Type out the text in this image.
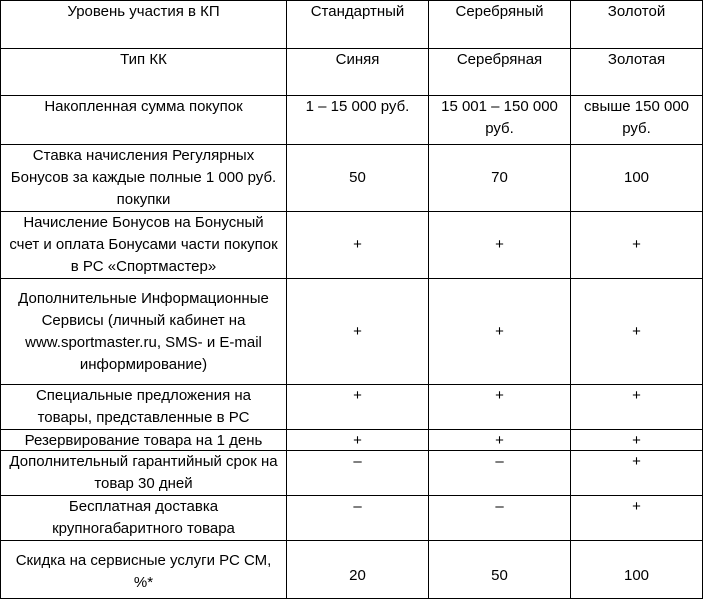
Уровень участия в КП	Стандартный	Серебряный	Золотой
Тип КК	Синяя	Серебряная	Золотая
Накопленная сумма покупок	1 – 15 000 руб.	15 001 – 150 000 руб.	свыше 150 000 руб.
Ставка начисления Регулярных Бонусов за каждые полные 1 000 руб. покупки	50	70	100
Начисление Бонусов на Бонусный счет и оплата Бонусами части покупок в РС «Спортмастер»	+	+	+
Дополнительные Информационные Сервисы (личный кабинет на www.sportmaster.ru, SMS- и E-mail информирование)	+	+	+
Специальные предложения на товары, представленные в РС	+	+	+
Резервирование товара на 1 день	+	+	+
Дополнительный гарантийный срок на товар 30 дней	–	–	+
Бесплатная доставка крупногабаритного товара	–	–	+
Скидка на сервисные услуги РС СМ, %*	20	50	100
